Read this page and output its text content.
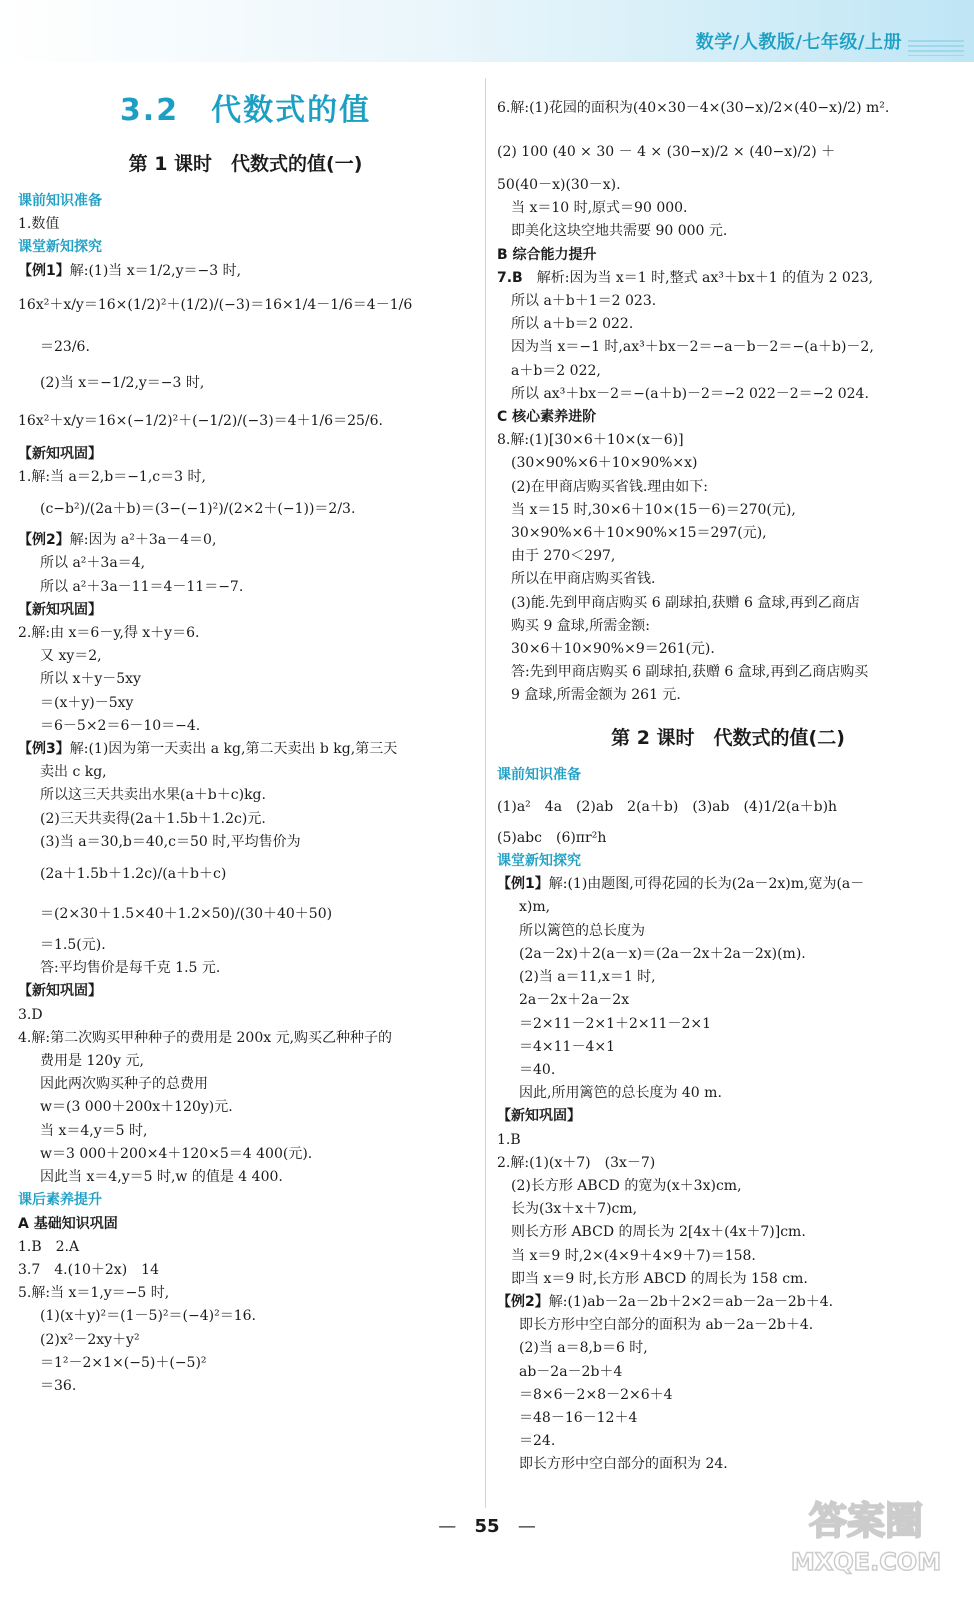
数学/人教版/七年级/上册
3.2　代数式的值
第 1 课时　代数式的值(一)
课前知识准备
1.数值
课堂新知探究
【例1】解:(1)当 x＝1/2,y＝−3 时,
16x²＋x/y＝16×(1/2)²＋(1/2)/(−3)＝16×1/4－1/6＝4－1/6
＝23/6.
(2)当 x＝−1/2,y＝−3 时,
16x²＋x/y＝16×(−1/2)²＋(−1/2)/(−3)＝4＋1/6＝25/6.
【新知巩固】
1.解:当 a＝2,b＝−1,c＝3 时,
(c−b²)/(2a＋b)＝(3−(−1)²)/(2×2＋(−1))＝2/3.
【例2】解:因为 a²＋3a－4＝0,
所以 a²＋3a＝4,
所以 a²＋3a－11＝4－11＝−7.
【新知巩固】
2.解:由 x＝6－y,得 x＋y＝6.
又 xy＝2,
所以 x＋y－5xy
＝(x＋y)－5xy
＝6－5×2＝6－10＝−4.
【例3】解:(1)因为第一天卖出 a kg,第二天卖出 b kg,第三天
卖出 c kg,
所以这三天共卖出水果(a＋b＋c)kg.
(2)三天共卖得(2a＋1.5b＋1.2c)元.
(3)当 a＝30,b＝40,c＝50 时,平均售价为
(2a＋1.5b＋1.2c)/(a＋b＋c)
＝(2×30＋1.5×40＋1.2×50)/(30＋40＋50)
＝1.5(元).
答:平均售价是每千克 1.5 元.
【新知巩固】
3.D
4.解:第二次购买甲种种子的费用是 200x 元,购买乙种种子的
费用是 120y 元,
因此两次购买种子的总费用
w＝(3 000＋200x＋120y)元.
当 x＝4,y＝5 时,
w＝3 000＋200×4＋120×5＝4 400(元).
因此当 x＝4,y＝5 时,w 的值是 4 400.
课后素养提升
A 基础知识巩固
1.B　2.A
3.7　4.(10＋2x)　14
5.解:当 x＝1,y＝−5 时,
(1)(x＋y)²＝(1－5)²＝(−4)²＝16.
(2)x²－2xy＋y²
＝1²－2×1×(−5)＋(−5)²
＝36.
6.解:(1)花园的面积为(40×30－4×(30−x)/2×(40−x)/2) m².
(2) 100 (40 × 30 － 4 × (30−x)/2 × (40−x)/2) ＋
50(40－x)(30－x).
当 x＝10 时,原式＝90 000.
即美化这块空地共需要 90 000 元.
B 综合能力提升
7.B　解析:因为当 x＝1 时,整式 ax³＋bx＋1 的值为 2 023,
所以 a＋b＋1＝2 023.
所以 a＋b＝2 022.
因为当 x＝−1 时,ax³＋bx－2＝−a－b－2＝−(a＋b)－2,
a＋b＝2 022,
所以 ax³＋bx－2＝−(a＋b)－2＝−2 022－2＝−2 024.
C 核心素养进阶
8.解:(1)[30×6＋10×(x－6)]
(30×90%×6＋10×90%×x)
(2)在甲商店购买省钱.理由如下:
当 x＝15 时,30×6＋10×(15－6)＝270(元),
30×90%×6＋10×90%×15＝297(元),
由于 270＜297,
所以在甲商店购买省钱.
(3)能.先到甲商店购买 6 副球拍,获赠 6 盒球,再到乙商店
购买 9 盒球,所需金额:
30×6＋10×90%×9＝261(元).
答:先到甲商店购买 6 副球拍,获赠 6 盒球,再到乙商店购买
9 盒球,所需金额为 261 元.
第 2 课时　代数式的值(二)
课前知识准备
(1)a²　4a　(2)ab　2(a＋b)　(3)ab　(4)1/2(a＋b)h
(5)abc　(6)πr²h
课堂新知探究
【例1】解:(1)由题图,可得花园的长为(2a－2x)m,宽为(a－
x)m,
所以篱笆的总长度为
(2a－2x)＋2(a－x)＝(2a－2x＋2a－2x)(m).
(2)当 a＝11,x＝1 时,
2a－2x＋2a－2x
＝2×11－2×1＋2×11－2×1
＝4×11－4×1
＝40.
因此,所用篱笆的总长度为 40 m.
【新知巩固】
1.B
2.解:(1)(x＋7)　(3x－7)
(2)长方形 ABCD 的宽为(x＋3x)cm,
长为(3x＋x＋7)cm,
则长方形 ABCD 的周长为 2[4x＋(4x＋7)]cm.
当 x＝9 时,2×(4×9＋4×9＋7)＝158.
即当 x＝9 时,长方形 ABCD 的周长为 158 cm.
【例2】解:(1)ab－2a－2b＋2×2＝ab－2a－2b＋4.
即长方形中空白部分的面积为 ab－2a－2b＋4.
(2)当 a＝8,b＝6 时,
ab－2a－2b＋4
＝8×6－2×8－2×6＋4
＝48－16－12＋4
＝24.
即长方形中空白部分的面积为 24.
— 55 —	答案圈
MXQE.COM
